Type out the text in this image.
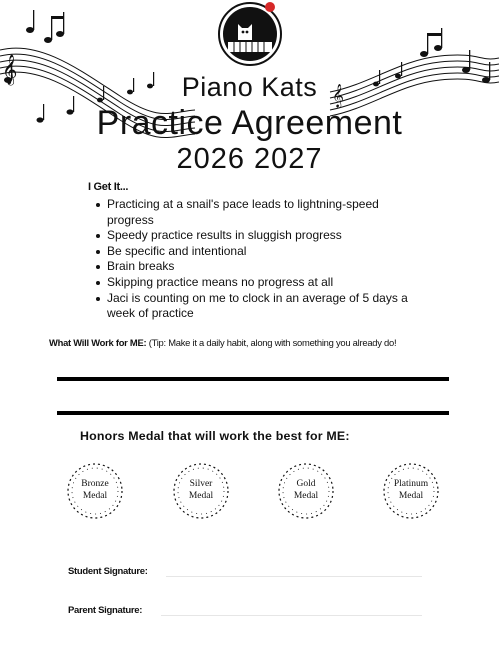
𝄞
𝄞
Piano Kats
Practice Agreement
2026 2027
I Get It...
Practicing at a snail's pace leads to lightning-speed progress
Speedy practice results in sluggish progress
Be specific and intentional
Brain breaks
Skipping practice means no progress at all
Jaci is counting on me to clock in an average of 5 days a week of practice
What Will Work for ME: (Tip: Make it a daily habit, along with something you already do!
Honors Medal that will work the best for ME:
Bronze
Medal
Silver
Medal
Gold
Medal
Platinum
Medal
Student Signature:
Parent Signature:
